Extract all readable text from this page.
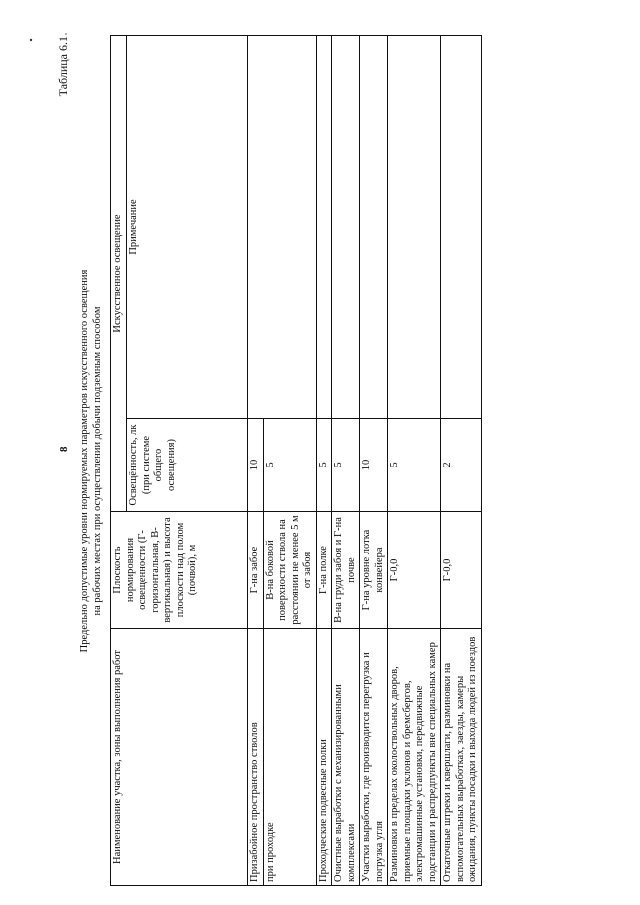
8
Таблица 6.1
Предельно допустимые уровни нормируемых параметров искусственного освещения на рабочих местах при осуществлении добычи подземным способом
Наименование участка, зоны выполнения работ	Плоскость нормирования освещенности (Г-горизонтальная, В-вертикальная) и высота плоскости над полом (почвой), м	Искусственное освещение	
		Освещённость, лк (при системе общего освещения)	Примечание
Призабойное пространство стволов	Г-на забое	10	
при проходке	В-на боковой поверхности ствола на расстоянии не менее 5 м от забоя	5	
Проходческие подвесные полки	Г-на полке	5	
Очистные выработки с механизированными комплексами	В-на груди забоя и Г-на почве	5	
Участки выработки, где производится перегрузка и погрузка угля	Г-на уровне лотка конвейера	10	
Разминовки в пределах околоствольных дворов, приемные площадки уклонов и бремсбергов, электромашинные установки, передвижные подстанции и распредпункты вне специальных камер	Г-0,0	5	
Откаточные штреки и квершлаги, разминовки на вспомогательных выработках, заезды, камеры ожидания, пункты посадки и выхода людей из поездов	Г-0,0	2	
